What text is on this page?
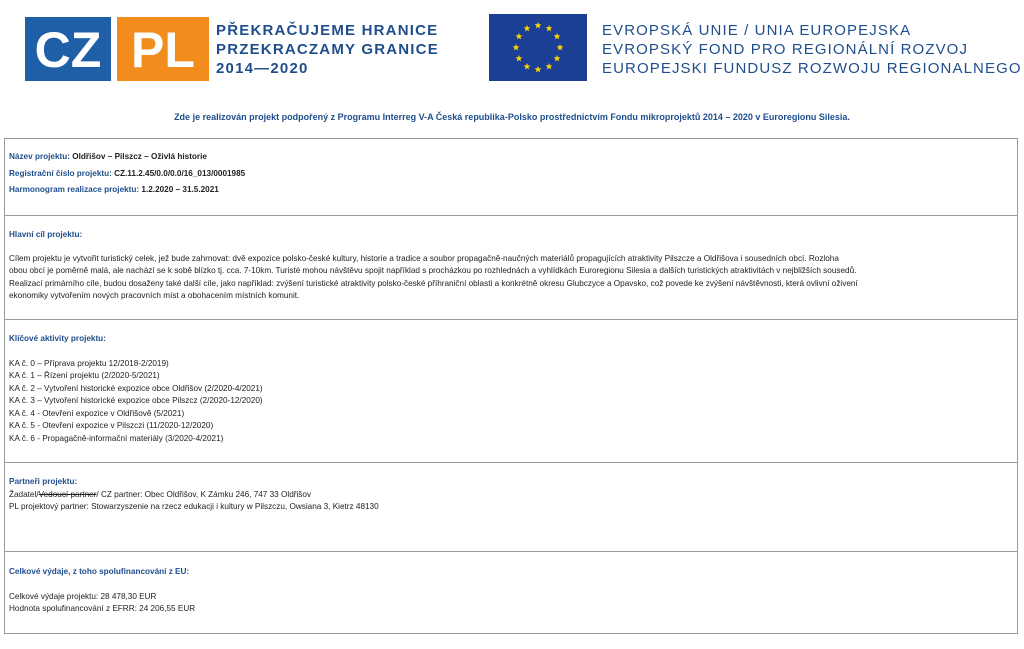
CZ PL PŘEKRAČUJEME HRANICE
PRZEKRACZAMY GRANICE
2014—2020
EVROPSKÁ UNIE / UNIA EUROPEJSKA
EVROPSKÝ FOND PRO REGIONÁLNÍ ROZVOJ
EUROPEJSKI FUNDUSZ ROZWOJU REGIONALNEGO
Zde je realizován projekt podpořený z Programu Interreg V-A Česká republika-Polsko prostřednictvím Fondu mikroprojektů 2014 – 2020 v Euroregionu Silesia.

Název projektu: Oldřišov – Pilszcz – Oživlá historie

Registrační číslo projektu: CZ.11.2.45/0.0/0.0/16_013/0001985

Harmonogram realizace projektu: 1.2.2020 – 31.5.2021

Hlavní cíl projektu:

Cílem projektu je vytvořit turistický celek, jež bude zahrnovat: dvě expozice polsko-české kultury, historie a tradice a soubor propagačně-naučných materiálů propagujících atraktivity Pilszcze a Oldřišova i sousedních obcí. Rozloha
obou obcí je poměrně malá, ale nachází se k sobě blízko tj. cca. 7-10km. Turisté mohou návštěvu spojit například s procházkou po rozhlednách a vyhlídkách Euroregionu Silesia a dalších turistických atraktivitách v nejbližších sousedů.
Realizací primárního cíle, budou dosaženy také další cíle, jako například: zvýšení turistické atraktivity polsko-české příhraniční oblasti a konkrétně okresu Glubczyce a Opavsko, což povede ke zvýšení návštěvnosti, která ovlivní oživení
ekonomiky vytvořením nových pracovních míst a obohacením místních komunit.

Klíčové aktivity projektu:

KA č. 0 – Příprava projektu 12/2018-2/2019)
KA č. 1 – Řízení projektu (2/2020-5/2021)
KA č. 2 – Vytvoření historické expozice obce Oldřišov (2/2020-4/2021)
KA č. 3 – Vytvoření historické expozice obce Pilszcz (2/2020-12/2020)
KA č. 4 - Otevření expozice v Oldřišově (5/2021)
KA č. 5 - Otevření expozice v Pilszczi (11/2020-12/2020)
KA č. 6 - Propagačně-informační materiály (3/2020-4/2021)

Partneři projektu:

Žadatel/Vedoucí partner/ CZ partner: Obec Oldřišov, K Zámku 246, 747 33 Oldřišov
PL projektový partner: Stowarzyszenie na rzecz edukacji i kultury w Pilszczu, Owsiana 3, Kietrz 48130

Celkové výdaje, z toho spolufinancování z EU:

Celkové výdaje projektu: 28 478,30 EUR
Hodnota spolufinancování z EFRR: 24 206,55 EUR
